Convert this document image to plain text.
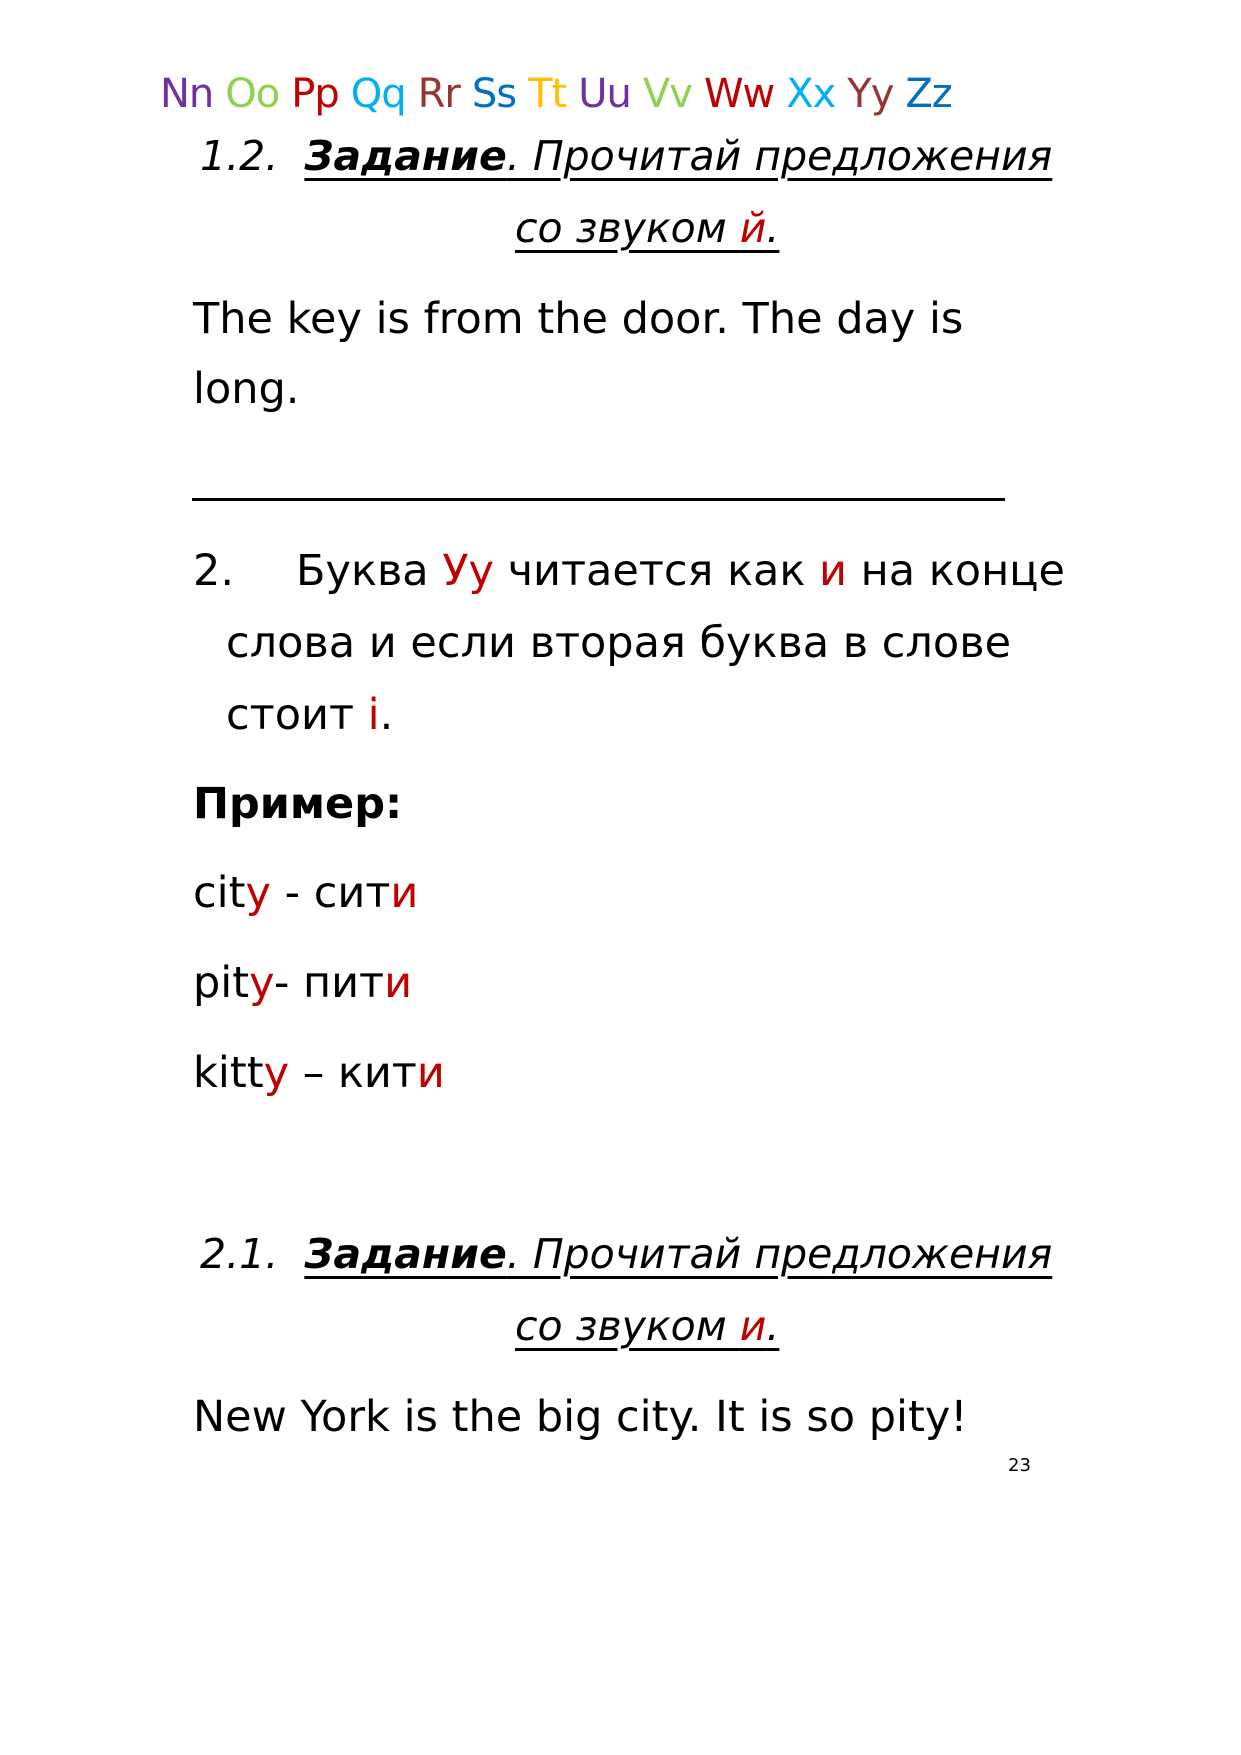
Nn Oo Pp Qq Rr Ss Tt Uu Vv Ww Xx Yy Zz
1.2. Задание. Прочитай предложения
со звуком й.
The key is from the door. The day is
long.
2. Буква Уу читается как и на конце
слова и если вторая буква в слове
стоит i.
Пример:
city - сити
pity- пити
kitty – кити
2.1. Задание. Прочитай предложения
со звуком и.
New York is the big city. It is so pity!
23
